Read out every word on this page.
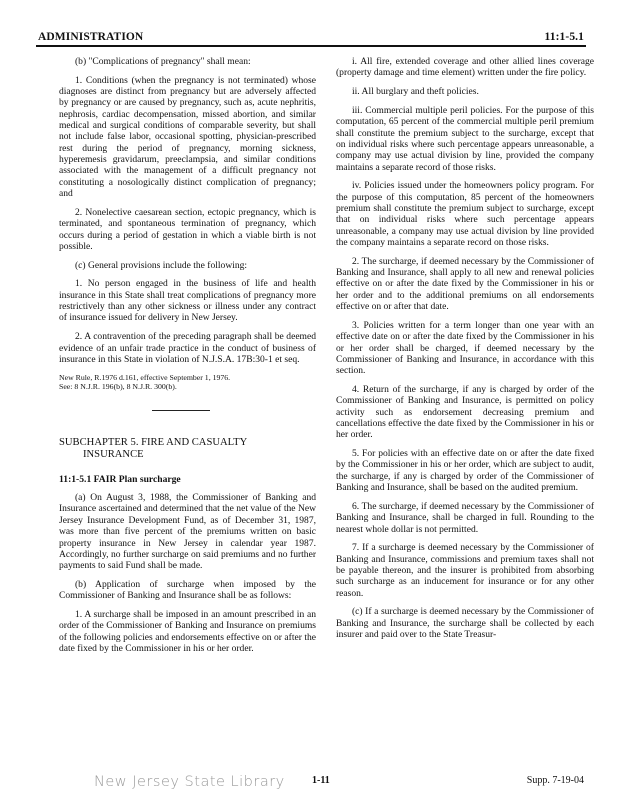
ADMINISTRATION	11:1-5.1

(b) "Complications of pregnancy" shall mean:

1. Conditions (when the pregnancy is not terminated) whose diagnoses are distinct from pregnancy but are adversely affected by pregnancy or are caused by pregnancy, such as, acute nephritis, nephrosis, cardiac decompensation, missed abortion, and similar medical and surgical conditions of comparable severity, but shall not include false labor, occasional spotting, physician-prescribed rest during the period of pregnancy, morning sickness, hyperemesis gravidarum, preeclampsia, and similar conditions associated with the management of a difficult pregnancy not constituting a nosologically distinct complication of pregnancy; and

2. Nonelective caesarean section, ectopic pregnancy, which is terminated, and spontaneous termination of pregnancy, which occurs during a period of gestation in which a viable birth is not possible.

(c) General provisions include the following:

1. No person engaged in the business of life and health insurance in this State shall treat complications of pregnancy more restrictively than any other sickness or illness under any contract of insurance issued for delivery in New Jersey.

2. A contravention of the preceding paragraph shall be deemed evidence of an unfair trade practice in the conduct of business of insurance in this State in violation of N.J.S.A. 17B:30-1 et seq.

New Rule, R.1976 d.161, effective September 1, 1976.

See: 8 N.J.R. 196(b), 8 N.J.R. 300(b).

SUBCHAPTER 5. FIRE AND CASUALTY
INSURANCE

11:1-5.1 FAIR Plan surcharge

(a) On August 3, 1988, the Commissioner of Banking and Insurance ascertained and determined that the net value of the New Jersey Insurance Development Fund, as of December 31, 1987, was more than five percent of the premiums written on basic property insurance in New Jersey in calendar year 1987. Accordingly, no further surcharge on said premiums and no further payments to said Fund shall be made.

(b) Application of surcharge when imposed by the Commissioner of Banking and Insurance shall be as follows:

1. A surcharge shall be imposed in an amount prescribed in an order of the Commissioner of Banking and Insurance on premiums of the following policies and endorsements effective on or after the date fixed by the Commissioner in his or her order.

i. All fire, extended coverage and other allied lines coverage (property damage and time element) written under the fire policy.

ii. All burglary and theft policies.

iii. Commercial multiple peril policies. For the purpose of this computation, 65 percent of the commercial multiple peril premium shall constitute the premium subject to the surcharge, except that on individual risks where such percentage appears unreasonable, a company may use actual division by line, provided the company maintains a separate record of those risks.

iv. Policies issued under the homeowners policy program. For the purpose of this computation, 85 percent of the homeowners premium shall constitute the premium subject to surcharge, except that on individual risks where such percentage appears unreasonable, a company may use actual division by line provided the company maintains a separate record on those risks.

2. The surcharge, if deemed necessary by the Commissioner of Banking and Insurance, shall apply to all new and renewal policies effective on or after the date fixed by the Commissioner in his or her order and to the additional premiums on all endorsements effective on or after that date.

3. Policies written for a term longer than one year with an effective date on or after the date fixed by the Commissioner in his or her order shall be charged, if deemed necessary by the Commissioner of Banking and Insurance, in accordance with this section.

4. Return of the surcharge, if any is charged by order of the Commissioner of Banking and Insurance, is permitted on policy activity such as endorsement decreasing premium and cancellations effective the date fixed by the Commissioner in his or her order.

5. For policies with an effective date on or after the date fixed by the Commissioner in his or her order, which are subject to audit, the surcharge, if any is charged by order of the Commissioner of Banking and Insurance, shall be based on the audited premium.

6. The surcharge, if deemed necessary by the Commissioner of Banking and Insurance, shall be charged in full. Rounding to the nearest whole dollar is not permitted.

7. If a surcharge is deemed necessary by the Commissioner of Banking and Insurance, commissions and premium taxes shall not be payable thereon, and the insurer is prohibited from absorbing such surcharge as an inducement for insurance or for any other reason.

(c) If a surcharge is deemed necessary by the Commissioner of Banking and Insurance, the surcharge shall be collected by each insurer and paid over to the State Treasur-

New Jersey State Library	1-11	Supp. 7-19-04
